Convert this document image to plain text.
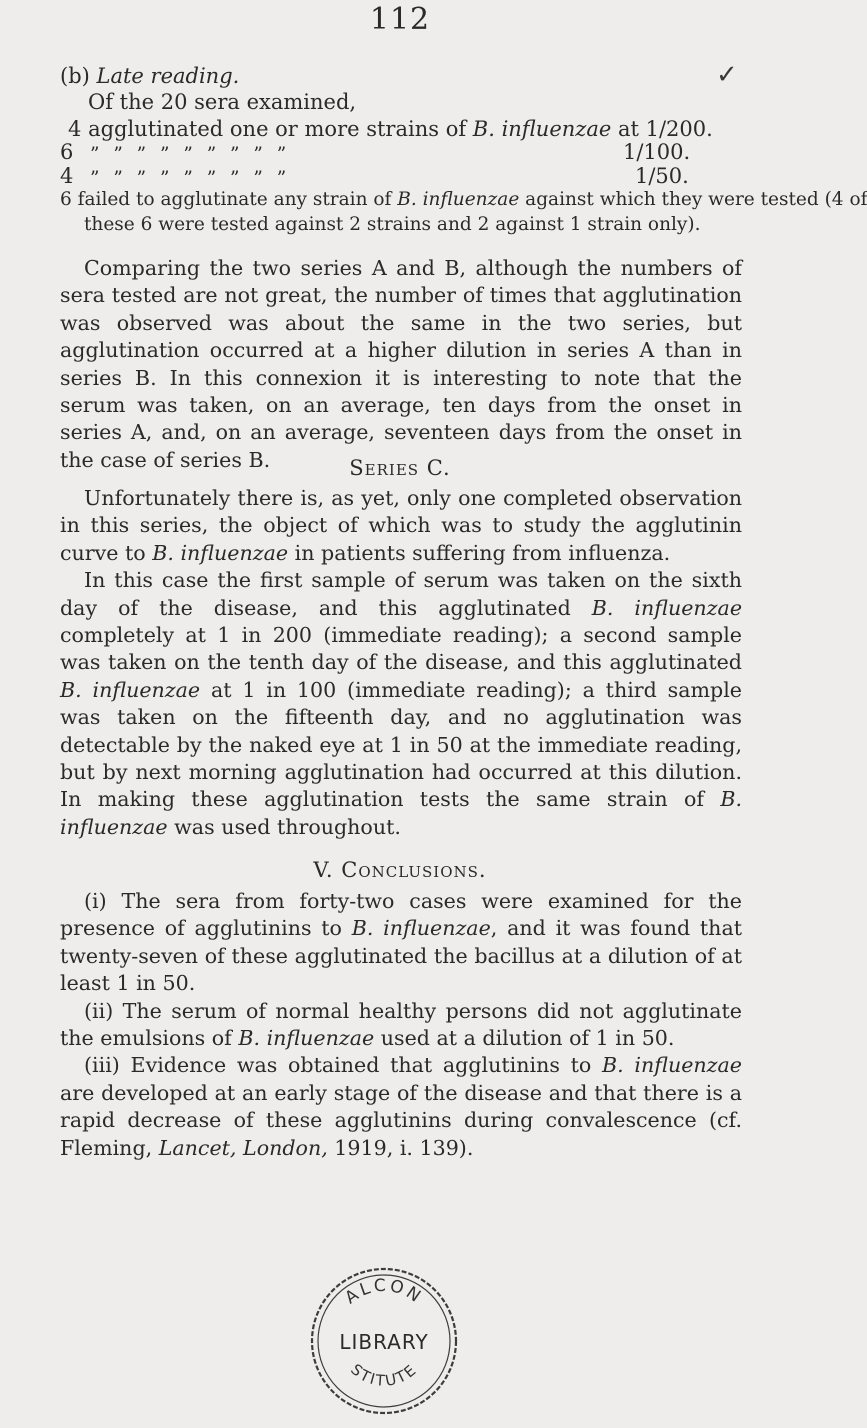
112
(b) Late reading.	✓
Of the 20 sera examined,
4 agglutinated one or more strains of B. influenzae at 1/200.
6 ” ” ” ” ” ” ” ” ”	1/100.
4 ” ” ” ” ” ” ” ” ”	1/50.
6 failed to agglutinate any strain of B. influenzae against which they were tested (4 of
these 6 were tested against 2 strains and 2 against 1 strain only).

Comparing the two series A and B, although the numbers of sera tested are not great, the number of times that agglutination was observed was about the same in the two series, but agglutination occurred at a higher dilution in series A than in series B. In this connexion it is interesting to note that the serum was taken, on an average, ten days from the onset in series A, and, on an average, seventeen days from the onset in the case of series B.	Series C.

Unfortunately there is, as yet, only one completed observation in this series, the object of which was to study the agglutinin curve to B. influenzae in patients suffering from influenza.

In this case the first sample of serum was taken on the sixth day of the disease, and this agglutinated B. influenzae completely at 1 in 200 (immediate reading); a second sample was taken on the tenth day of the disease, and this agglutinated B. influenzae at 1 in 100 (immediate reading); a third sample was taken on the fifteenth day, and no agglutination was detectable by the naked eye at 1 in 50 at the immediate reading, but by next morning agglutination had occurred at this dilution. In making these agglutination tests the same strain of B. influenzae was used throughout.

V. Conclusions.

(i) The sera from forty-two cases were examined for the presence of agglutinins to B. influenzae, and it was found that twenty-seven of these agglutinated the bacillus at a dilution of at least 1 in 50.

(ii) The serum of normal healthy persons did not agglutinate the emulsions of B. influenzae used at a dilution of 1 in 50.

(iii) Evidence was obtained that agglutinins to B. influenzae are developed at an early stage of the disease and that there is a rapid decrease of these agglutinins during convalescence (cf. Fleming, Lancet, London, 1919, i. 139).

ALCON
STITUTE
LIBRARY
